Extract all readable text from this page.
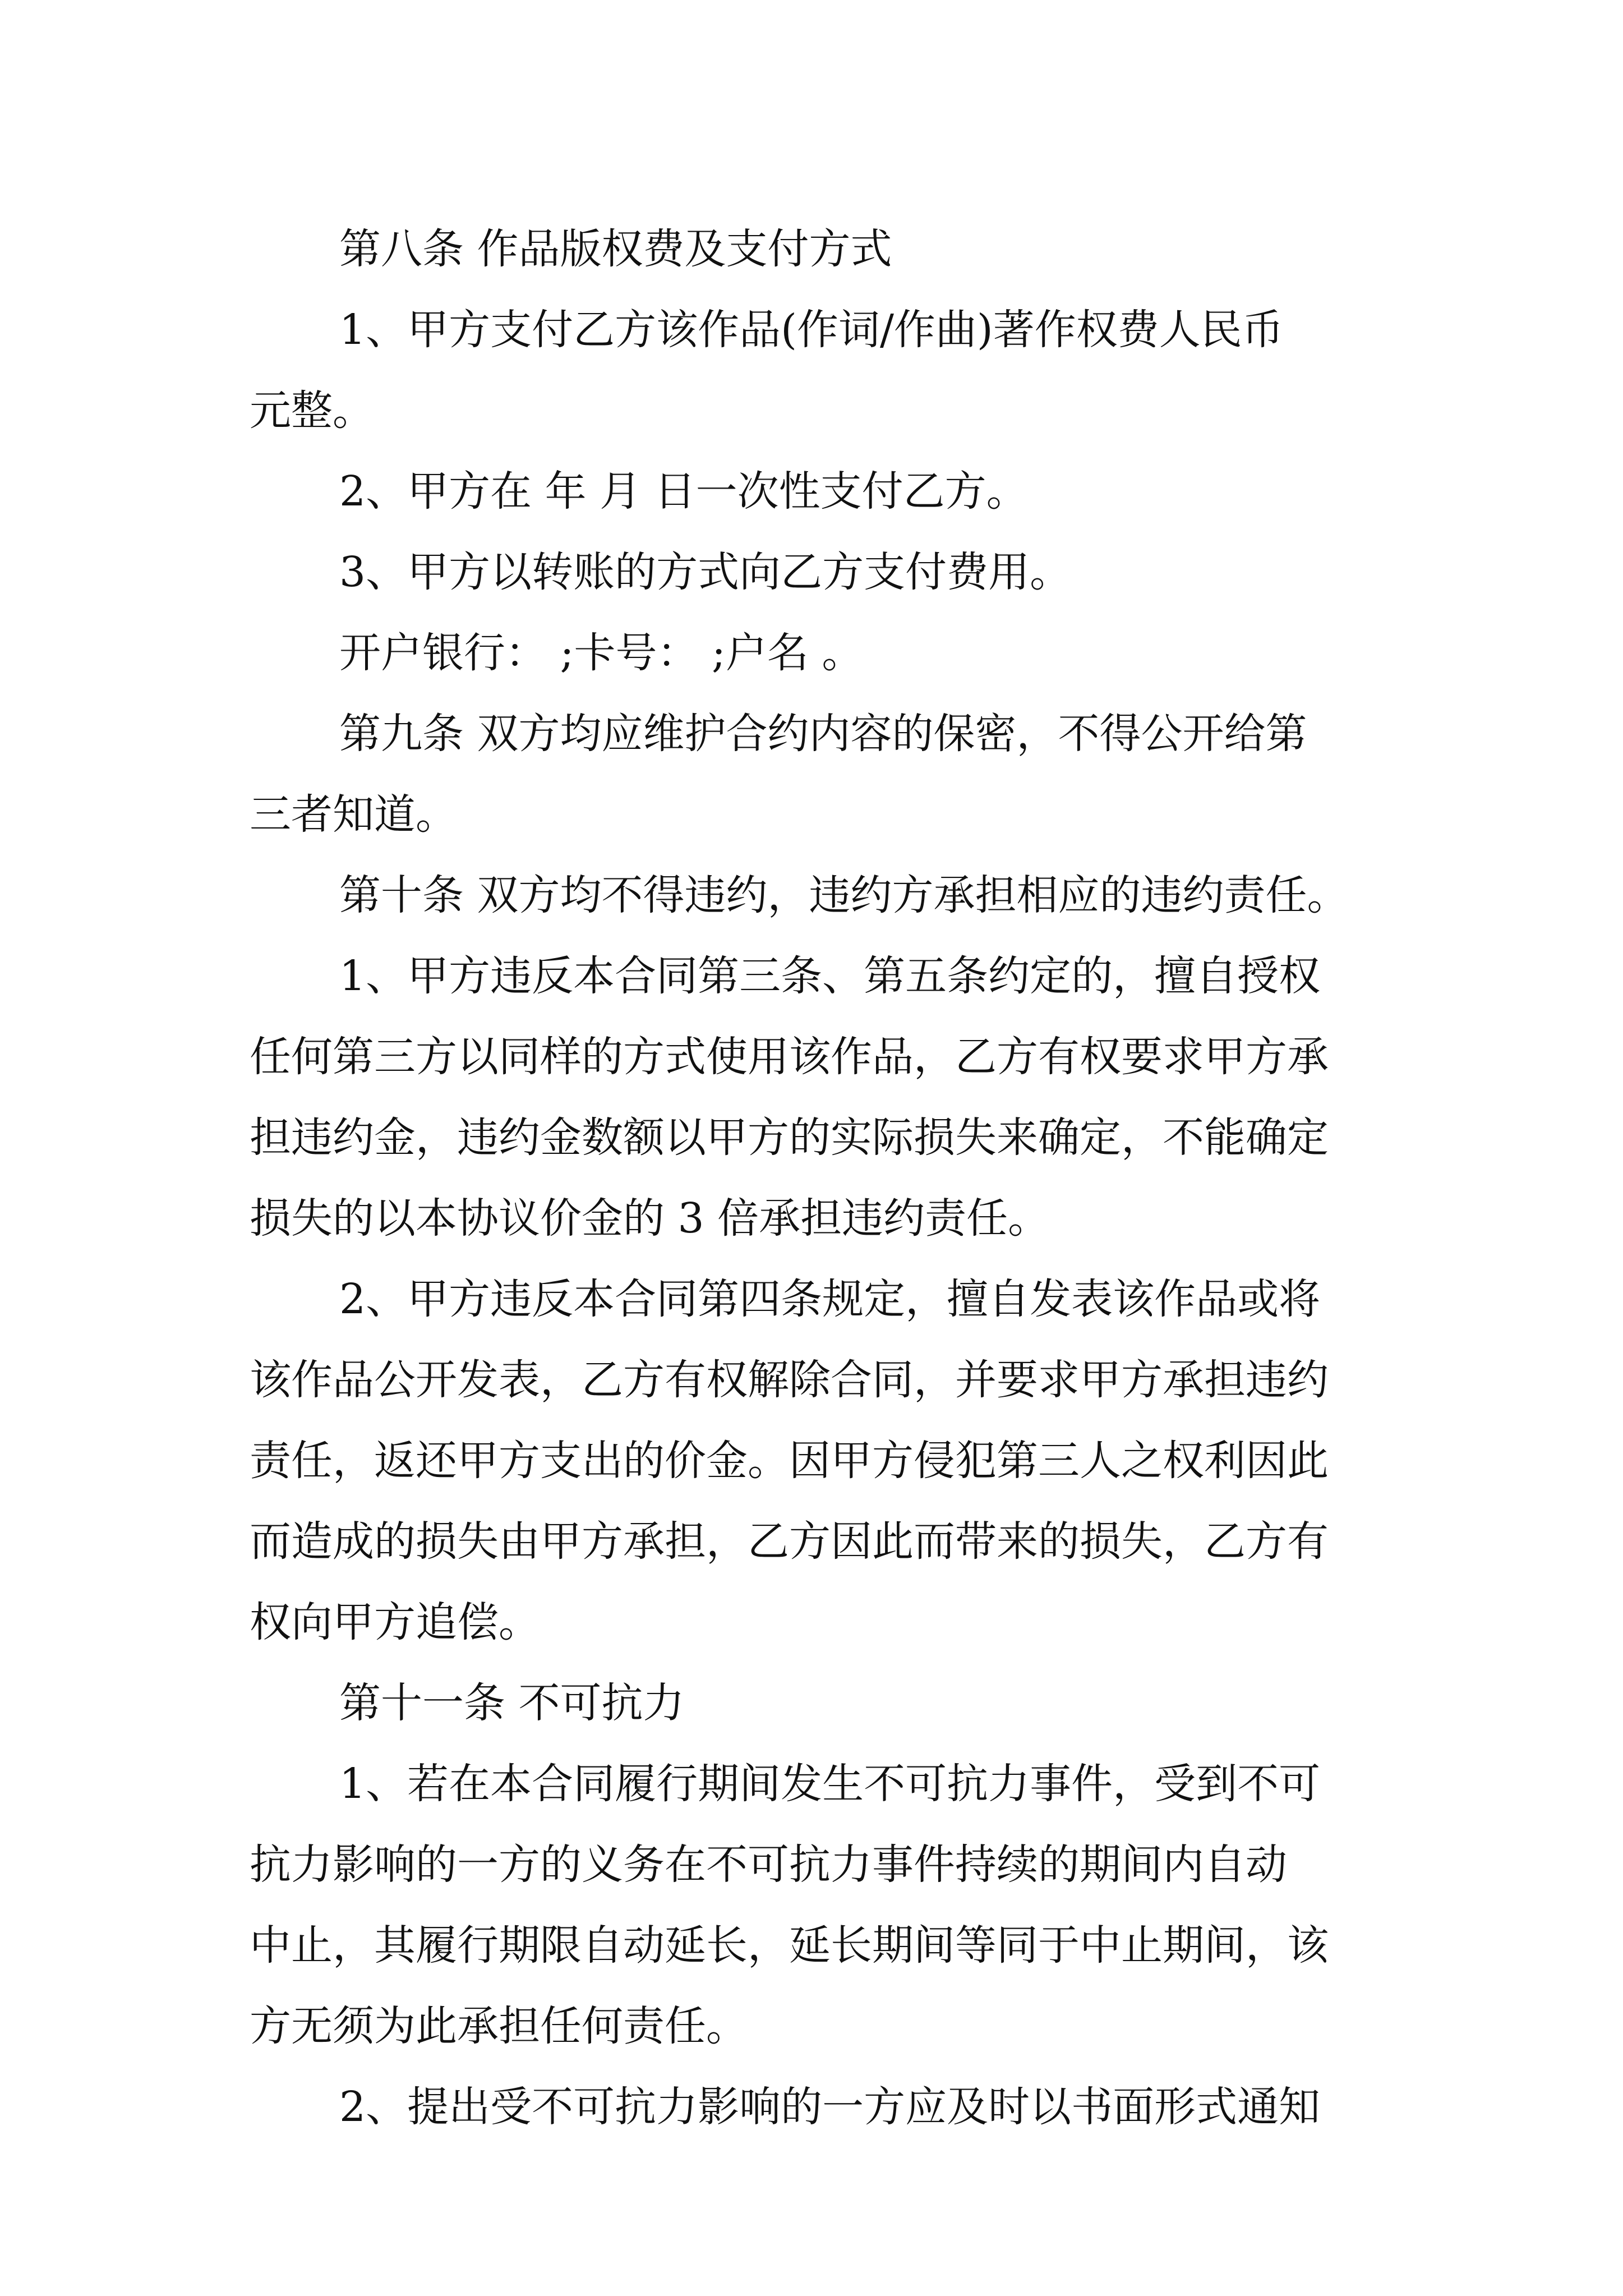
第八条 作品版权费及支付方式
1、甲方支付乙方该作品(作词/作曲)著作权费人民币
元整。
2、甲方在 年 月 日一次性支付乙方。
3、甲方以转账的方式向乙方支付费用。
开户银行： ;卡号： ;户名 。
第九条 双方均应维护合约内容的保密，不得公开给第
三者知道。
第十条 双方均不得违约，违约方承担相应的违约责任。
1、甲方违反本合同第三条、第五条约定的，擅自授权
任何第三方以同样的方式使用该作品，乙方有权要求甲方承
担违约金，违约金数额以甲方的实际损失来确定，不能确定
损失的以本协议价金的 3 倍承担违约责任。
2、甲方违反本合同第四条规定，擅自发表该作品或将
该作品公开发表，乙方有权解除合同，并要求甲方承担违约
责任，返还甲方支出的价金。因甲方侵犯第三人之权利因此
而造成的损失由甲方承担，乙方因此而带来的损失，乙方有
权向甲方追偿。
第十一条 不可抗力
1、若在本合同履行期间发生不可抗力事件，受到不可
抗力影响的一方的义务在不可抗力事件持续的期间内自动
中止，其履行期限自动延长，延长期间等同于中止期间，该
方无须为此承担任何责任。
2、提出受不可抗力影响的一方应及时以书面形式通知
